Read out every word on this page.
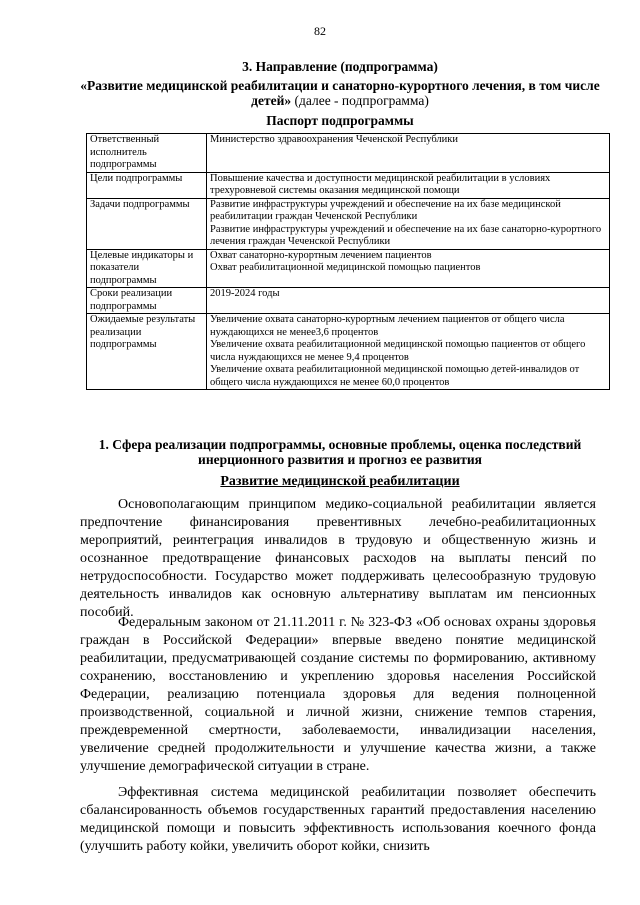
82
3. Направление (подпрограмма)
«Развитие медицинской реабилитации и санаторно-курортного лечения, в том числе детей» (далее - подпрограмма)
Паспорт подпрограммы
Ответственный исполнитель подпрограммы	Министерство здравоохранения Чеченской Республики

Цели подпрограммы	Повышение качества и доступности медицинской реабилитации в условиях трехуровневой системы оказания медицинской помощи

Задачи подпрограммы	Развитие инфраструктуры учреждений и обеспечение на их базе медицинской реабилитации граждан Чеченской Республики
Развитие инфраструктуры учреждений и обеспечение на их базе санаторно-курортного лечения граждан Чеченской Республики

Целевые индикаторы и показатели подпрограммы	Охват санаторно-курортным лечением пациентов
Охват реабилитационной медицинской помощью пациентов

Сроки реализации подпрограммы	2019-2024 годы

Ожидаемые результаты реализации подпрограммы	Увеличение охвата санаторно-курортным лечением пациентов от общего числа нуждающихся не менее3,6 процентов
Увеличение охвата реабилитационной медицинской помощью пациентов от общего числа нуждающихся не менее 9,4 процентов
Увеличение охвата реабилитационной медицинской помощью детей-инвалидов от общего числа нуждающихся не менее 60,0 процентов
1. Сфера реализации подпрограммы, основные проблемы, оценка последствий инерционного развития и прогноз ее развития
Развитие медицинской реабилитации

Основополагающим принципом медико-социальной реабилитации является предпочтение финансирования превентивных лечебно-реабилитационных мероприятий, реинтеграция инвалидов в трудовую и общественную жизнь и осознанное предотвращение финансовых расходов на выплаты пенсий по нетрудоспособности. Государство может поддерживать целесообразную трудовую деятельность инвалидов как основную альтернативу выплатам им пенсионных пособий.

Федеральным законом от 21.11.2011 г. № 323-ФЗ «Об основах охраны здоровья граждан в Российской Федерации» впервые введено понятие медицинской реабилитации, предусматривающей создание системы по формированию, активному сохранению, восстановлению и укреплению здоровья населения Российской Федерации, реализацию потенциала здоровья для ведения полноценной производственной, социальной и личной жизни, снижение темпов старения, преждевременной смертности, заболеваемости, инвалидизации населения, увеличение средней продолжительности и улучшение качества жизни, а также улучшение демографической ситуации в стране.

Эффективная система медицинской реабилитации позволяет обеспечить сбалансированность объемов государственных гарантий предоставления населению медицинской помощи и повысить эффективность использования коечного фонда (улучшить работу койки, увеличить оборот койки, снизить
